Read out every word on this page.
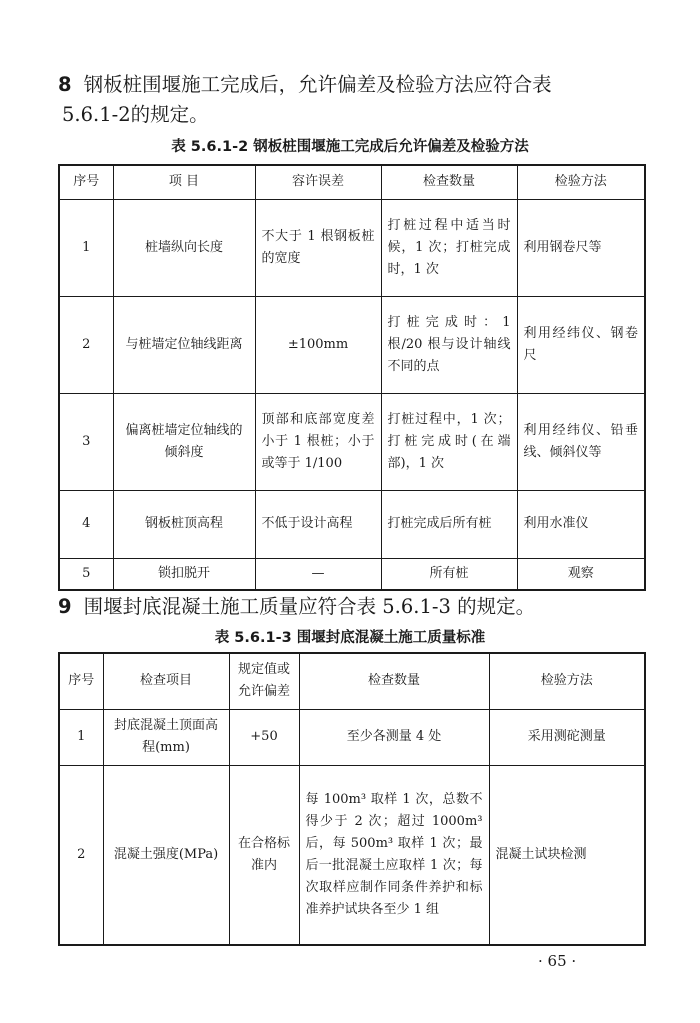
8 钢板桩围堰施工完成后，允许偏差及检验方法应符合表

5.6.1-2的规定。

表 5.6.1-2 钢板桩围堰施工完成后允许偏差及检验方法

序号	项 目	容许误差	检查数量	检验方法
1	桩墙纵向长度	不大于 1 根钢板桩的宽度	打桩过程中适当时候，1 次；打桩完成时，1 次	利用钢卷尺等
2	与桩墙定位轴线距离	±100mm	打桩完成时：1 根/20 根与设计轴线不同的点	利用经纬仪、钢卷尺
3	偏离桩墙定位轴线的倾斜度	顶部和底部宽度差小于 1 根桩；小于或等于 1/100	打桩过程中，1 次；打桩完成时(在端部)，1 次	利用经纬仪、铅垂线、倾斜仪等
4	钢板桩顶高程	不低于设计高程	打桩完成后所有桩	利用水准仪
5	锁扣脱开	—	所有桩	观察

9 围堰封底混凝土施工质量应符合表 5.6.1-3 的规定。

表 5.6.1-3 围堰封底混凝土施工质量标准

序号	检查项目	规定值或允许偏差	检查数量	检验方法
1	封底混凝土顶面高程(mm)	+50	至少各测量 4 处	采用测砣测量
2	混凝土强度(MPa)	在合格标准内	每 100m³ 取样 1 次，总数不得少于 2 次；超过 1000m³ 后，每 500m³ 取样 1 次；最后一批混凝土应取样 1 次；每次取样应制作同条件养护和标准养护试块各至少 1 组	混凝土试块检测
· 65 ·
